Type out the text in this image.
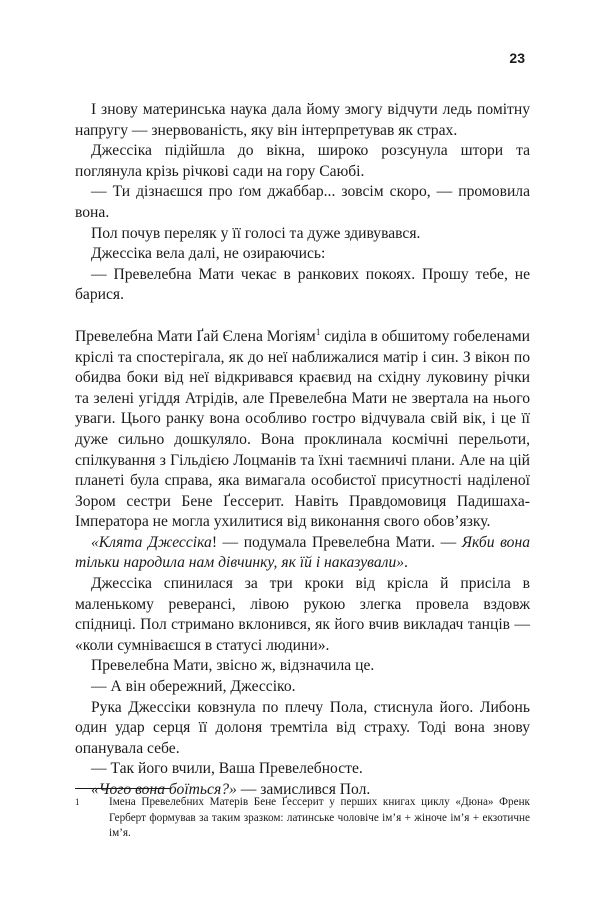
23

І знову материнська наука дала йому змогу відчути ледь помітну напругу — знервованість, яку він інтерпретував як страх.

Джессіка підійшла до вікна, широко розсунула штори та поглянула крізь річкові сади на гору Саюбі.

— Ти дізнаєшся про ґом джаббар... зовсім скоро, — промовила вона.

Пол почув переляк у її голосі та дуже здивувався.

Джессіка вела далі, не озираючись:

— Превелебна Мати чекає в ранкових покоях. Прошу тебе, не барися.

Превелебна Мати Ґай Єлена Могіям$^1$ сиділа в обшитому гобеленами кріслі та спостерігала, як до неї наближалися матір і син. З вікон по обидва боки від неї відкривався краєвид на східну луковину річки та зелені угіддя Атрідів, але Превелебна Мати не звертала на нього уваги. Цього ранку вона особливо гостро відчувала свій вік, і це її дуже сильно дошкуляло. Вона проклинала космічні перельоти, спілкування з Гільдією Лоцманів та їхні таємничі плани. Але на цій планеті була справа, яка вимагала особистої присутності наділеної Зором сестри Бене Ґессерит. Навіть Правдомовиця Падишаха-Імператора не могла ухилитися від виконання свого обов’язку.

«Клята Джессіка! — подумала Превелебна Мати. — Якби вона тільки народила нам дівчинку, як їй і наказували».

Джессіка спинилася за три кроки від крісла й присіла в маленькому реверансі, лівою рукою злегка провела вздовж спідниці. Пол стримано вклонився, як його вчив викладач танців — «коли сумніваєшся в статусі людини».

Превелебна Мати, звісно ж, відзначила це.

— А він обережний, Джессіко.

Рука Джессіки ковзнула по плечу Пола, стиснула його. Либонь один удар серця її долоня тремтіла від страху. Тоді вона знову опанувала себе.

— Так його вчили, Ваша Превелебносте.

«Чого вона боїться?» — замислився Пол.

1	Імена Превелебних Матерів Бене Ґессерит у перших книгах циклу «Дюна» Френк Герберт формував за таким зразком: латинське чоловіче ім’я + жіноче ім’я + екзотичне ім’я.
